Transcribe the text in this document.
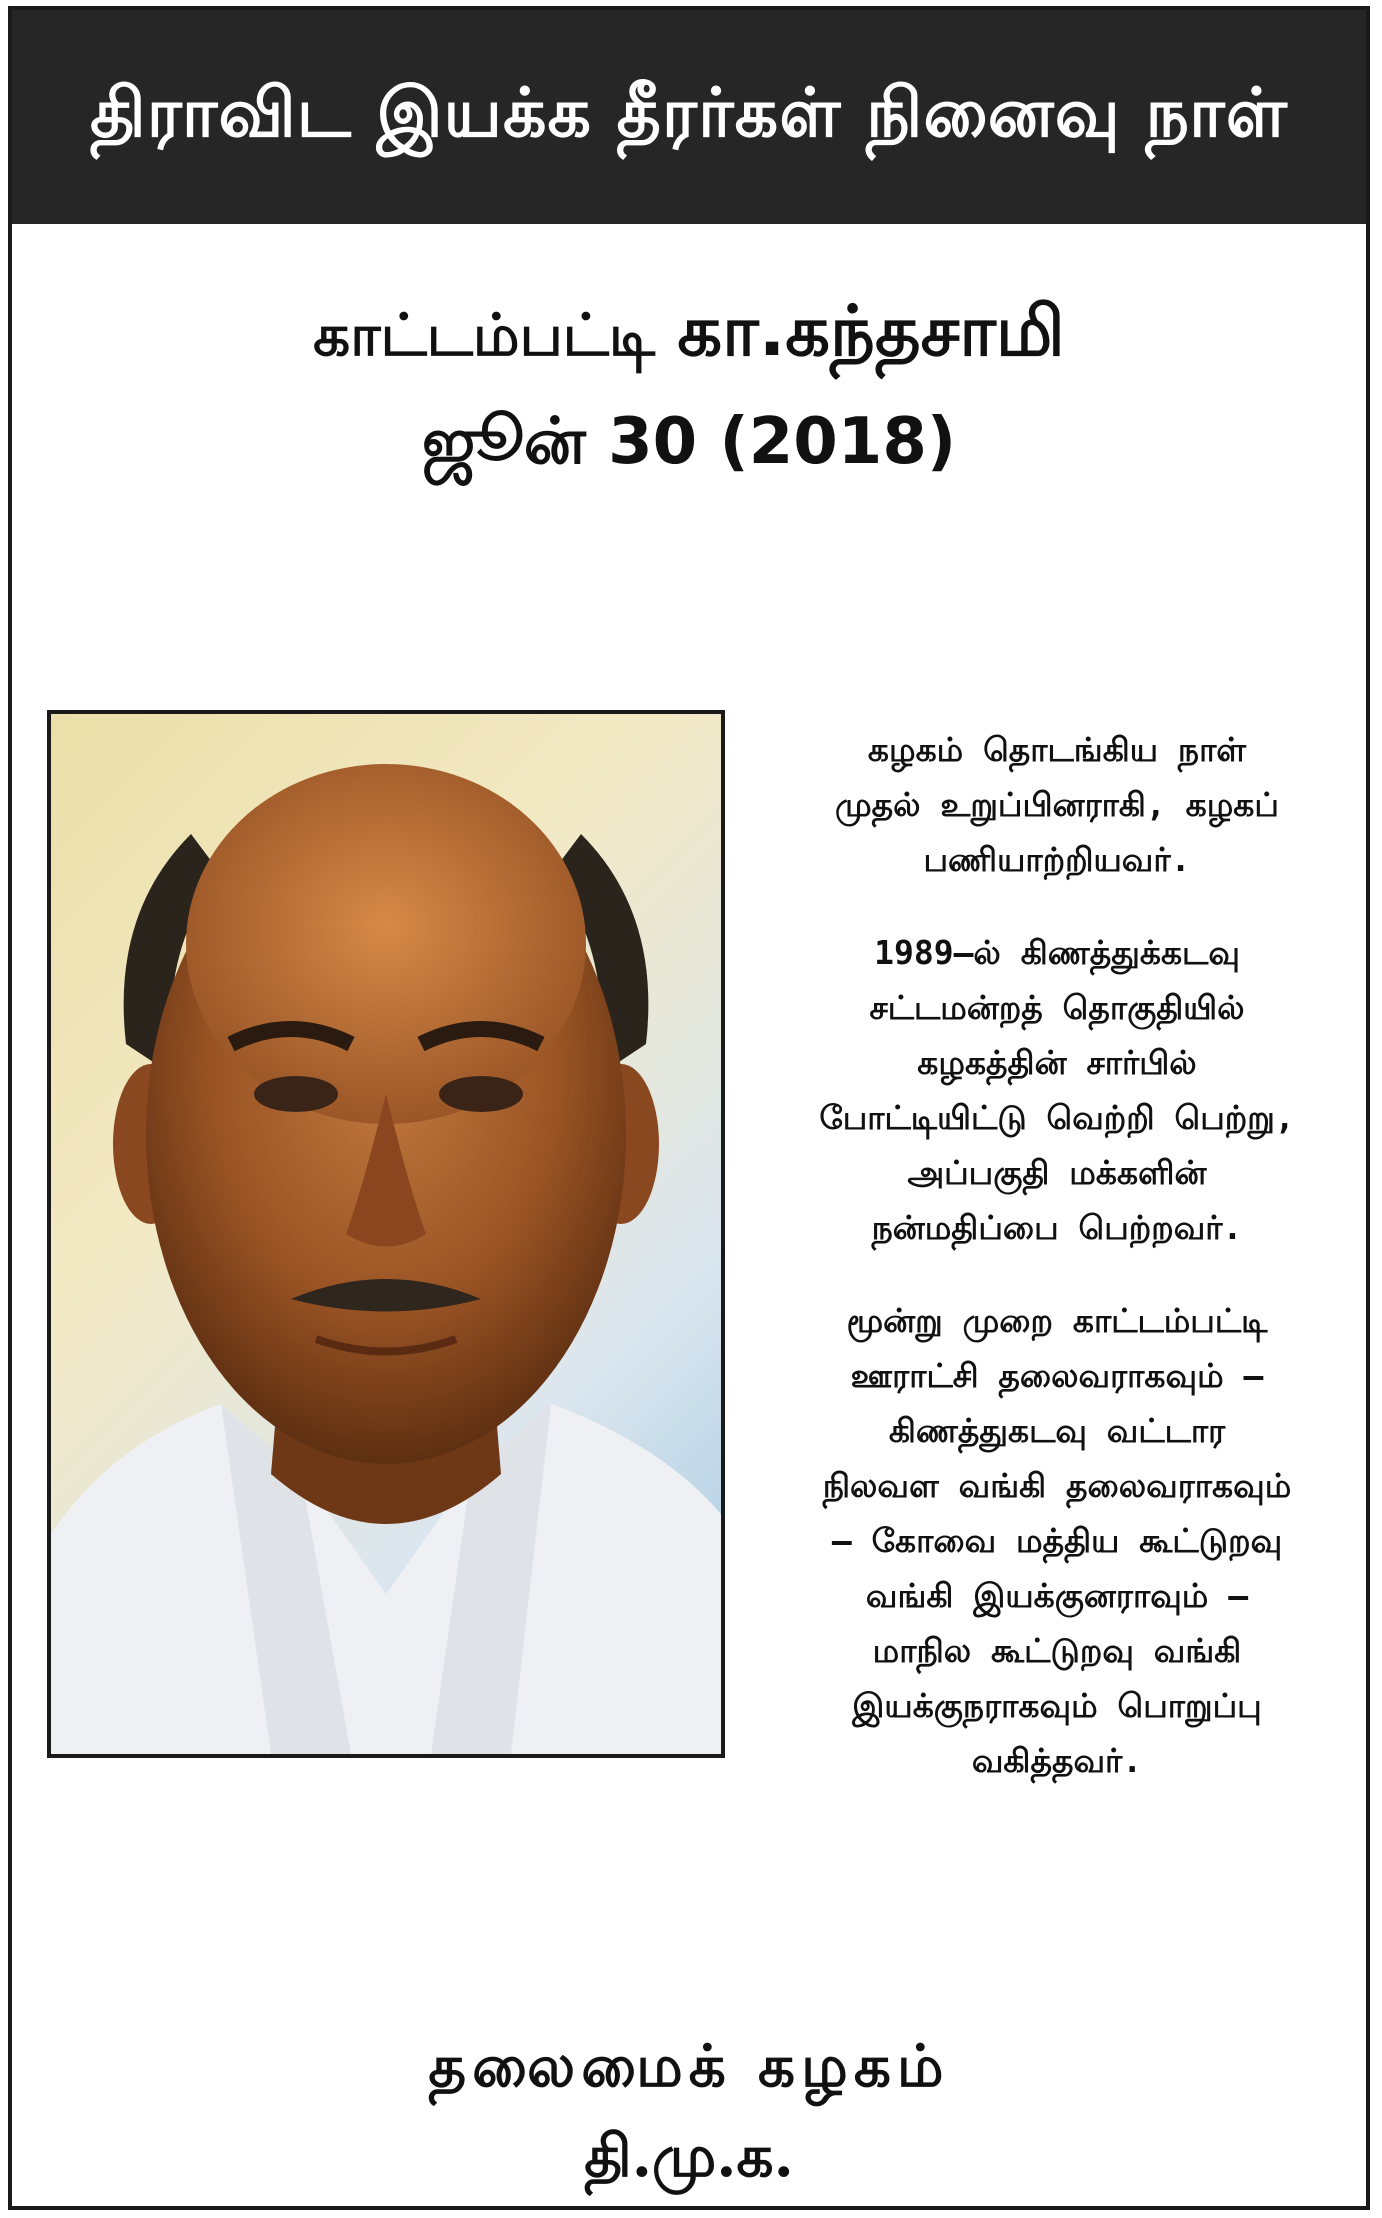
திராவிட இயக்க தீரர்கள் நினைவு நாள்
காட்டம்பட்டி கா.கந்தசாமி
ஜூன் 30 (2018)

கழகம் தொடங்கிய நாள்
முதல் உறுப்பினராகி, கழகப்
பணியாற்றியவர்.

1989–ல் கிணத்துக்கடவு
சட்டமன்றத் தொகுதியில்
கழகத்தின் சார்பில்
போட்டியிட்டு வெற்றி பெற்று,
அப்பகுதி மக்களின்
நன்மதிப்பை பெற்றவர்.

மூன்று முறை காட்டம்பட்டி
ஊராட்சி தலைவராகவும் –
கிணத்துகடவு வட்டார
நிலவள வங்கி தலைவராகவும்
– கோவை மத்திய கூட்டுறவு
வங்கி இயக்குனராவும் –
மாநில கூட்டுறவு வங்கி
இயக்குநராகவும் பொறுப்பு
வகித்தவர்.

தலைமைக் கழகம்
தி.மு.க.
